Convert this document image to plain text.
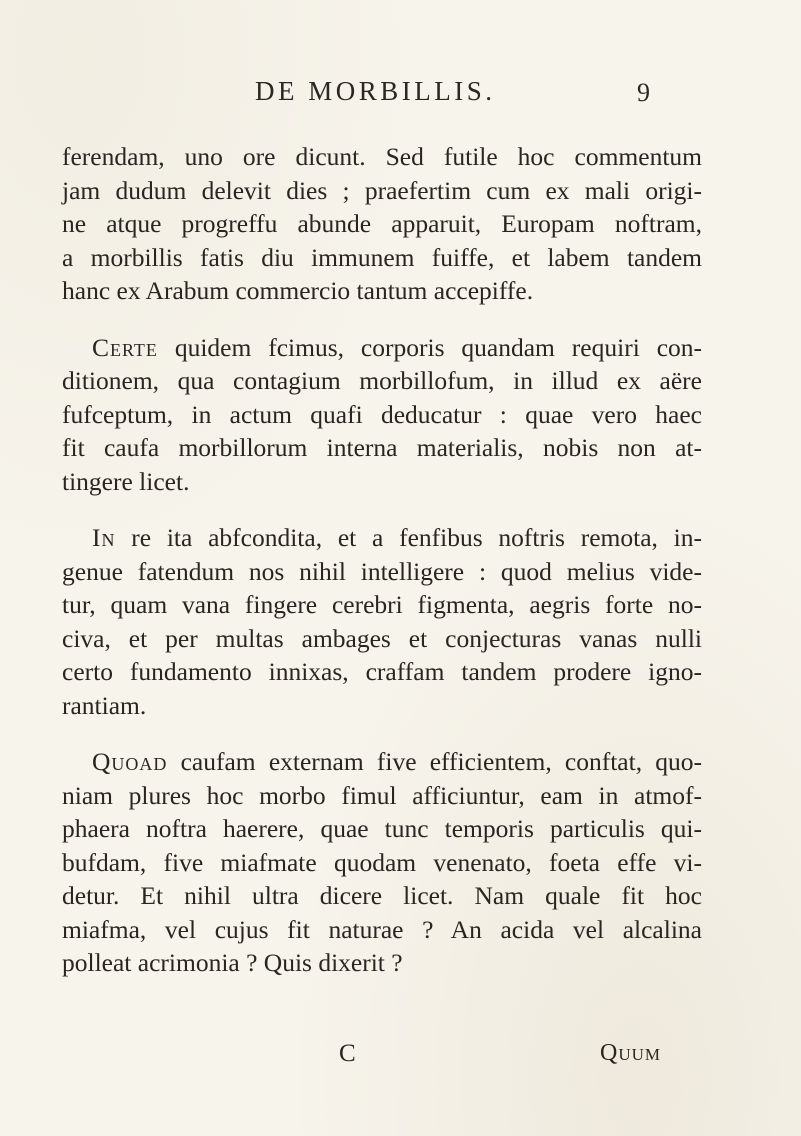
DE MORBILLIS.	9
ferendam, uno ore dicunt. Sed futile hoc commentum
jam dudum delevit dies ; praefertim cum ex mali origi-
ne atque progreffu abunde apparuit, Europam noftram,
a morbillis fatis diu immunem fuiffe, et labem tandem
hanc ex Arabum commercio tantum accepiffe.
Certe quidem fcimus, corporis quandam requiri con-
ditionem, qua contagium morbillofum, in illud ex aëre
fufceptum, in actum quafi deducatur : quae vero haec
fit caufa morbillorum interna materialis, nobis non at-
tingere licet.
In re ita abfcondita, et a fenfibus noftris remota, in-
genue fatendum nos nihil intelligere : quod melius vide-
tur, quam vana fingere cerebri figmenta, aegris forte no-
civa, et per multas ambages et conjecturas vanas nulli
certo fundamento innixas, craffam tandem prodere igno-
rantiam.
Quoad caufam externam five efficientem, conftat, quo-
niam plures hoc morbo fimul afficiuntur, eam in atmof-
phaera noftra haerere, quae tunc temporis particulis qui-
bufdam, five miafmate quodam venenato, foeta effe vi-
detur. Et nihil ultra dicere licet. Nam quale fit hoc
miafma, vel cujus fit naturae ? An acida vel alcalina
polleat acrimonia ? Quis dixerit ?
C	Quum
